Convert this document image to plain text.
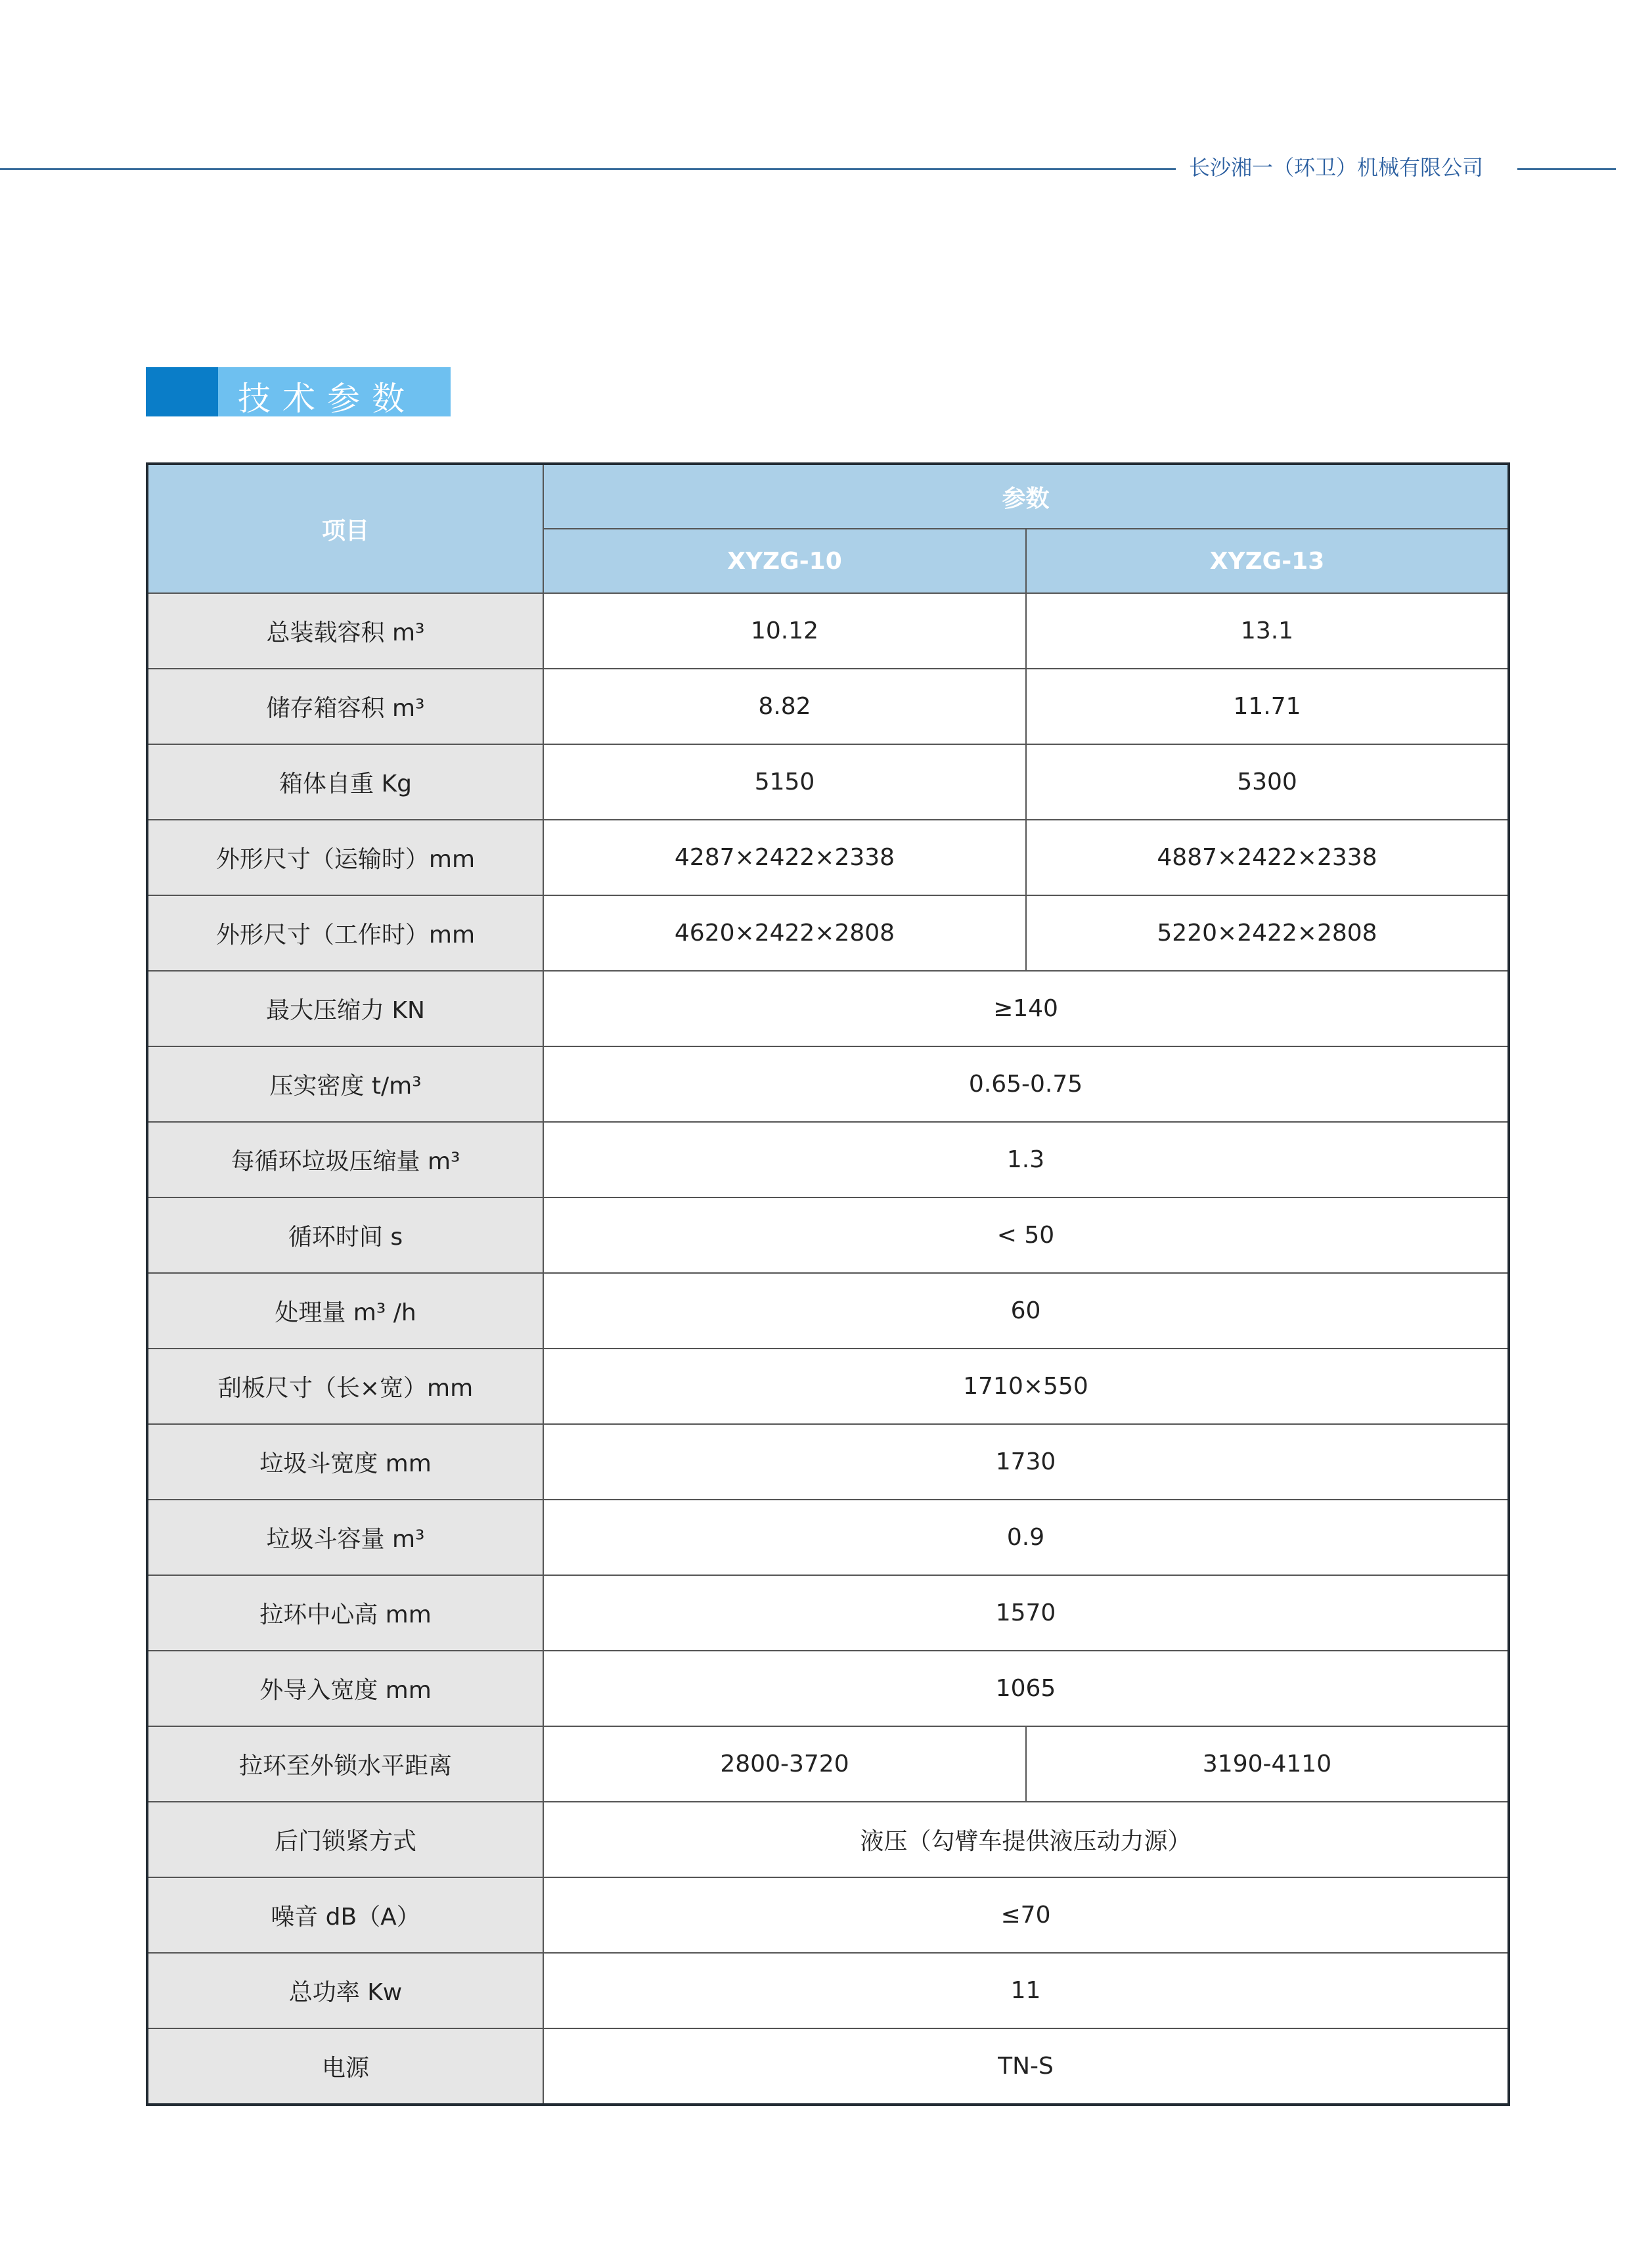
长沙湘一（环卫）机械有限公司
技术参数
项目	参数	
	XYZG-10	XYZG-13
总装载容积 m³	10.12	13.1
储存箱容积 m³	8.82	11.71
箱体自重 Kg	5150	5300
外形尺寸（运输时）mm	4287×2422×2338	4887×2422×2338
外形尺寸（工作时）mm	4620×2422×2808	5220×2422×2808
最大压缩力 KN	≥140	
压实密度 t/m³	0.65-0.75	
每循环垃圾压缩量 m³	1.3	
循环时间 s	< 50	
处理量 m³ /h	60	
刮板尺寸（长×宽）mm	1710×550	
垃圾斗宽度 mm	1730	
垃圾斗容量 m³	0.9	
拉环中心高 mm	1570	
外导入宽度 mm	1065	
拉环至外锁水平距离	2800-3720	3190-4110
后门锁紧方式	液压（勾臂车提供液压动力源）	
噪音 dB（A）	≤70	
总功率 Kw	11	
电源	TN-S	
